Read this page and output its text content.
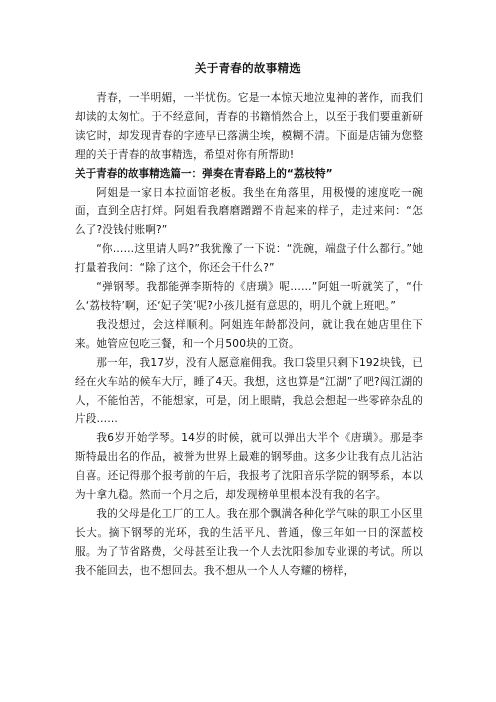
关于青春的故事精选

青春，一半明媚，一半忧伤。它是一本惊天地泣鬼神的著作，而我们却读的太匆忙。于不经意间，青春的书籍悄然合上，以至于我们要重新研读它时，却发现青春的字迹早已落满尘埃，模糊不清。下面是店铺为您整理的关于青春的故事精选，希望对你有所帮助!

关于青春的故事精选篇一：弹奏在青春路上的“荔枝特”

阿姐是一家日本拉面馆老板。我坐在角落里，用极慢的速度吃一碗面，直到全店打烊。阿姐看我磨磨蹭蹭不肯起来的样子，走过来问：“怎么了?没钱付账啊?”

“你……这里请人吗?”我犹豫了一下说：“洗碗，端盘子什么都行。”她打量着我问：“除了这个，你还会干什么?”

“弹钢琴。我都能弹李斯特的《唐璜》呢……”阿姐一听就笑了，“什么‘荔枝特’啊，还‘妃子笑’呢?小孩儿挺有意思的，明儿个就上班吧。”

我没想过，会这样顺利。阿姐连年龄都没问，就让我在她店里住下来。她管应包吃三餐，和一个月500块的工资。

那一年，我17岁，没有人愿意雇佣我。我口袋里只剩下192块钱，已经在火车站的候车大厅，睡了4天。我想，这也算是“江湖”了吧?闯江湖的人，不能怕苦，不能想家，可是，闭上眼睛，我总会想起一些零碎杂乱的片段……

我6岁开始学琴。14岁的时候，就可以弹出大半个《唐璜》。那是李斯特最出名的作品，被誉为世界上最难的钢琴曲。这多少让我有点儿沾沾自喜。还记得那个报考前的午后，我报考了沈阳音乐学院的钢琴系，本以为十拿九稳。然而一个月之后，却发现榜单里根本没有我的名字。

我的父母是化工厂的工人。我在那个飘满各种化学气味的职工小区里长大。摘下钢琴的光环，我的生活平凡、普通，像三年如一日的深蓝校服。为了节省路费，父母甚至让我一个人去沈阳参加专业课的考试。所以我不能回去，也不想回去。我不想从一个人人夸耀的榜样，
